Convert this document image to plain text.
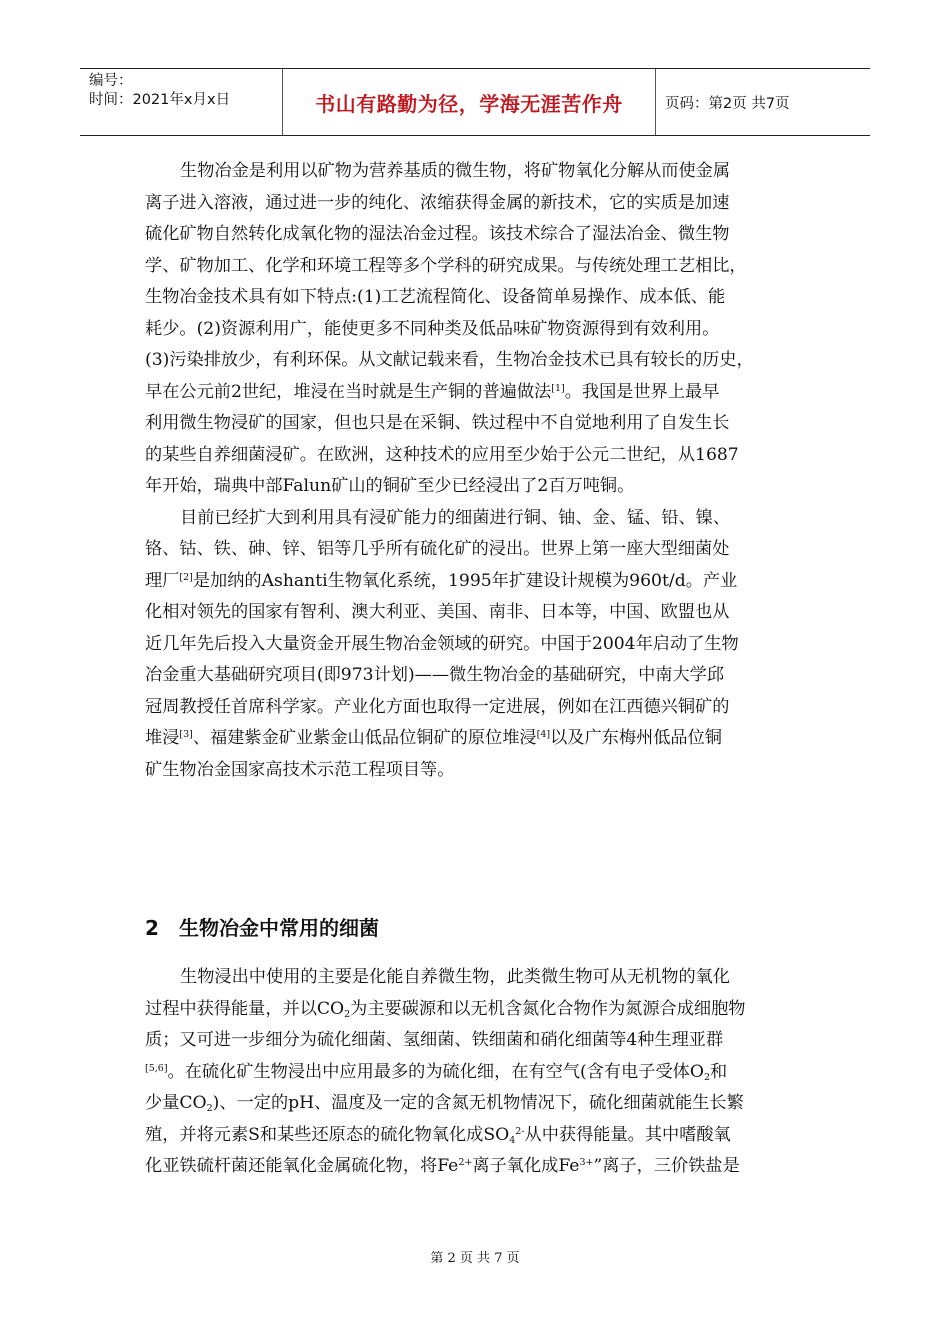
编号：
时间：2021年x月x日	书山有路勤为径，学海无涯苦作舟	页码：第2页 共7页
生物冶金是利用以矿物为营养基质的微生物，将矿物氧化分解从而使金属
离子进入溶液，通过进一步的纯化、浓缩获得金属的新技术，它的实质是加速
硫化矿物自然转化成氧化物的湿法冶金过程。该技术综合了湿法冶金、微生物
学、矿物加工、化学和环境工程等多个学科的研究成果。与传统处理工艺相比，
生物冶金技术具有如下特点:(1)工艺流程简化、设备简单易操作、成本低、能
耗少。(2)资源利用广，能使更多不同种类及低品味矿物资源得到有效利用。
(3)污染排放少，有利环保。从文献记载来看，生物冶金技术已具有较长的历史，
早在公元前2世纪，堆浸在当时就是生产铜的普遍做法[1]。我国是世界上最早
利用微生物浸矿的国家，但也只是在采铜、铁过程中不自觉地利用了自发生长
的某些自养细菌浸矿。在欧洲，这种技术的应用至少始于公元二世纪，从1687
年开始，瑞典中部Falun矿山的铜矿至少已经浸出了2百万吨铜。
目前已经扩大到利用具有浸矿能力的细菌进行铜、铀、金、锰、铅、镍、
铬、钴、铁、砷、锌、铝等几乎所有硫化矿的浸出。世界上第一座大型细菌处
理厂[2]是加纳的Ashanti生物氧化系统，1995年扩建设计规模为960t/d。产业
化相对领先的国家有智利、澳大利亚、美国、南非、日本等，中国、欧盟也从
近几年先后投入大量资金开展生物冶金领域的研究。中国于2004年启动了生物
冶金重大基础研究项目(即973计划)——微生物冶金的基础研究，中南大学邱
冠周教授任首席科学家。产业化方面也取得一定进展，例如在江西德兴铜矿的
堆浸[3]、福建紫金矿业紫金山低品位铜矿的原位堆浸[4]以及广东梅州低品位铜
矿生物冶金国家高技术示范工程项目等。
2 生物冶金中常用的细菌
生物浸出中使用的主要是化能自养微生物，此类微生物可从无机物的氧化
过程中获得能量，并以$CO_2$为主要碳源和以无机含氮化合物作为氮源合成细胞物
质；又可进一步细分为硫化细菌、氢细菌、铁细菌和硝化细菌等4种生理亚群
[5,6]。在硫化矿生物浸出中应用最多的为硫化细，在有空气(含有电子受体$O_2$和
少量$CO_2$)、一定的pH、温度及一定的含氮无机物情况下，硫化细菌就能生长繁
殖，并将元素S和某些还原态的硫化物氧化成$SO_4^{2-}$从中获得能量。其中嗜酸氧
化亚铁硫杆菌还能氧化金属硫化物，将$Fe^{2+}$离子氧化成$Fe^{3+}$”离子，三价铁盐是
第 2 页 共 7 页
